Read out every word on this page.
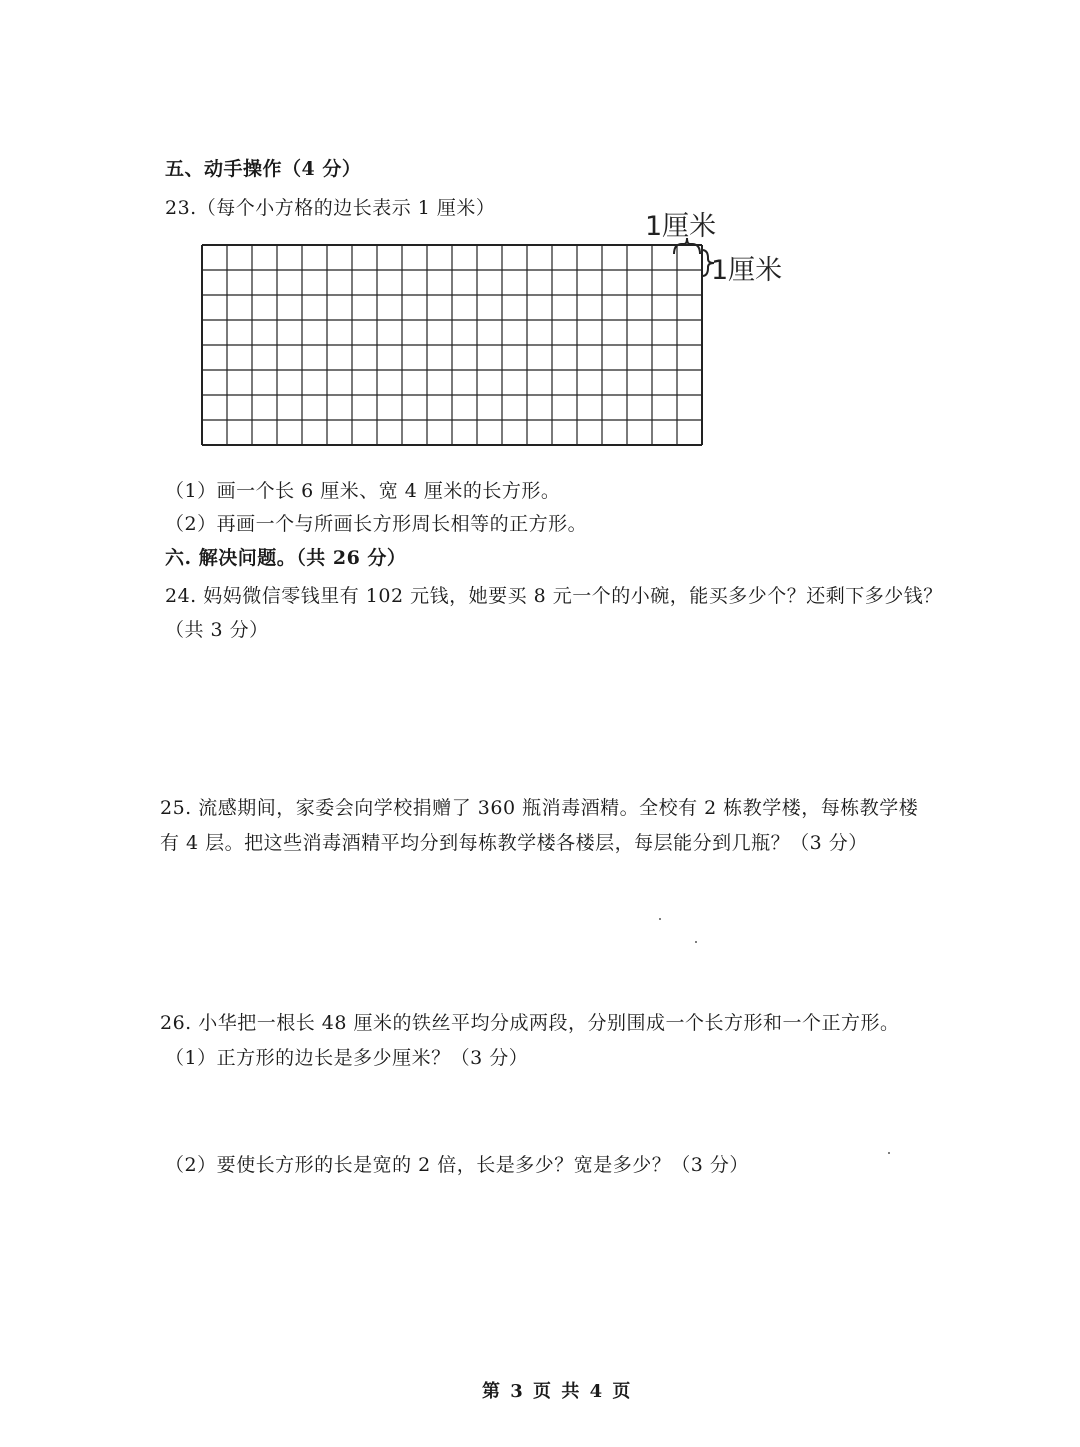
五、动手操作（4 分）
23.（每个小方格的边长表示 1 厘米）
1厘米
1厘米
（1）画一个长 6 厘米、宽 4 厘米的长方形。
（2）再画一个与所画长方形周长相等的正方形。
六. 解决问题。（共 26 分）
24. 妈妈微信零钱里有 102 元钱，她要买 8 元一个的小碗，能买多少个？还剩下多少钱？
（共 3 分）
25. 流感期间，家委会向学校捐赠了 360 瓶消毒酒精。全校有 2 栋教学楼，每栋教学楼
有 4 层。把这些消毒酒精平均分到每栋教学楼各楼层，每层能分到几瓶？（3 分）
26. 小华把一根长 48 厘米的铁丝平均分成两段，分别围成一个长方形和一个正方形。
（1）正方形的边长是多少厘米？（3 分）
（2）要使长方形的长是宽的 2 倍，长是多少？宽是多少？（3 分）
第 3 页 共 4 页
